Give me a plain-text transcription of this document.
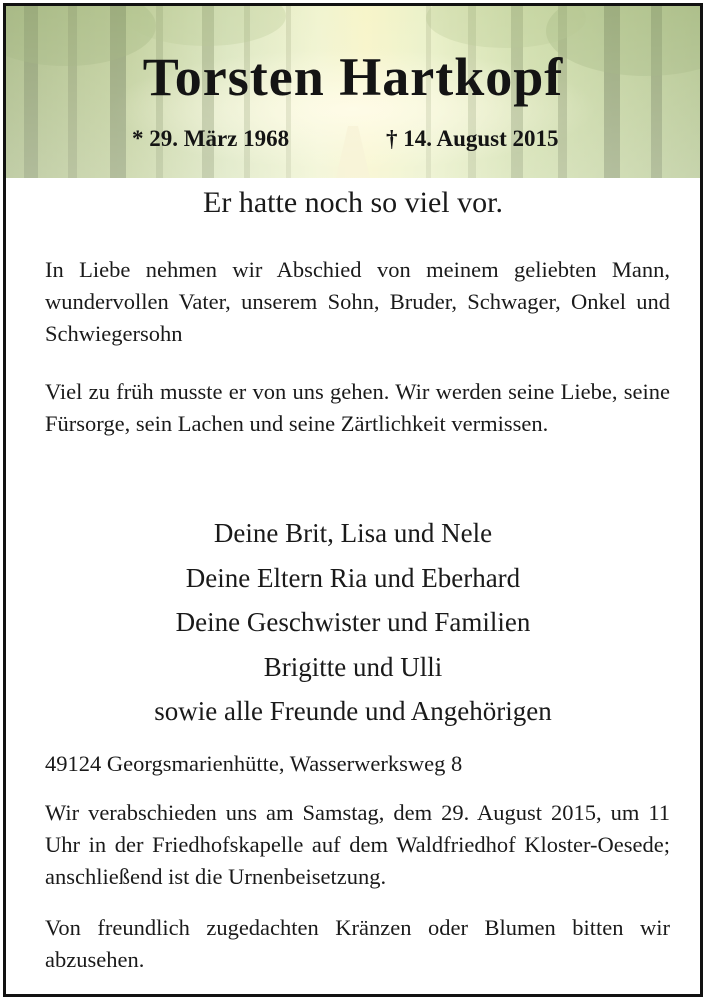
Torsten Hartkopf
* 29. März 1968	† 14. August 2015
Er hatte noch so viel vor.
In Liebe nehmen wir Abschied von meinem geliebten Mann, wundervollen Vater, unserem Sohn, Bruder, Schwager, Onkel und Schwiegersohn
Viel zu früh musste er von uns gehen. Wir werden seine Liebe, seine Fürsorge, sein Lachen und seine Zärtlichkeit vermissen.
Deine Brit, Lisa und Nele
Deine Eltern Ria und Eberhard
Deine Geschwister und Familien
Brigitte und Ulli
sowie alle Freunde und Angehörigen
49124 Georgsmarienhütte, Wasserwerksweg 8
Wir verabschieden uns am Samstag, dem 29. August 2015, um 11 Uhr in der Friedhofskapelle auf dem Waldfriedhof Kloster-Oesede; anschließend ist die Urnenbeisetzung.
Von freundlich zugedachten Kränzen oder Blumen bitten wir abzusehen.
